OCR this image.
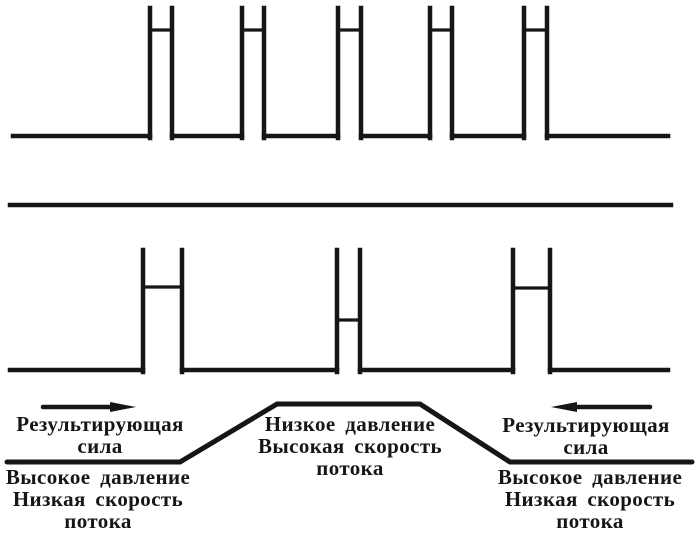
Результирующая
сила
Низкое давление
Высокая скорость
потока
Результирующая
сила
Высокое давление
Низкая скорость
потока
Высокое давление
Низкая скорость
потока
